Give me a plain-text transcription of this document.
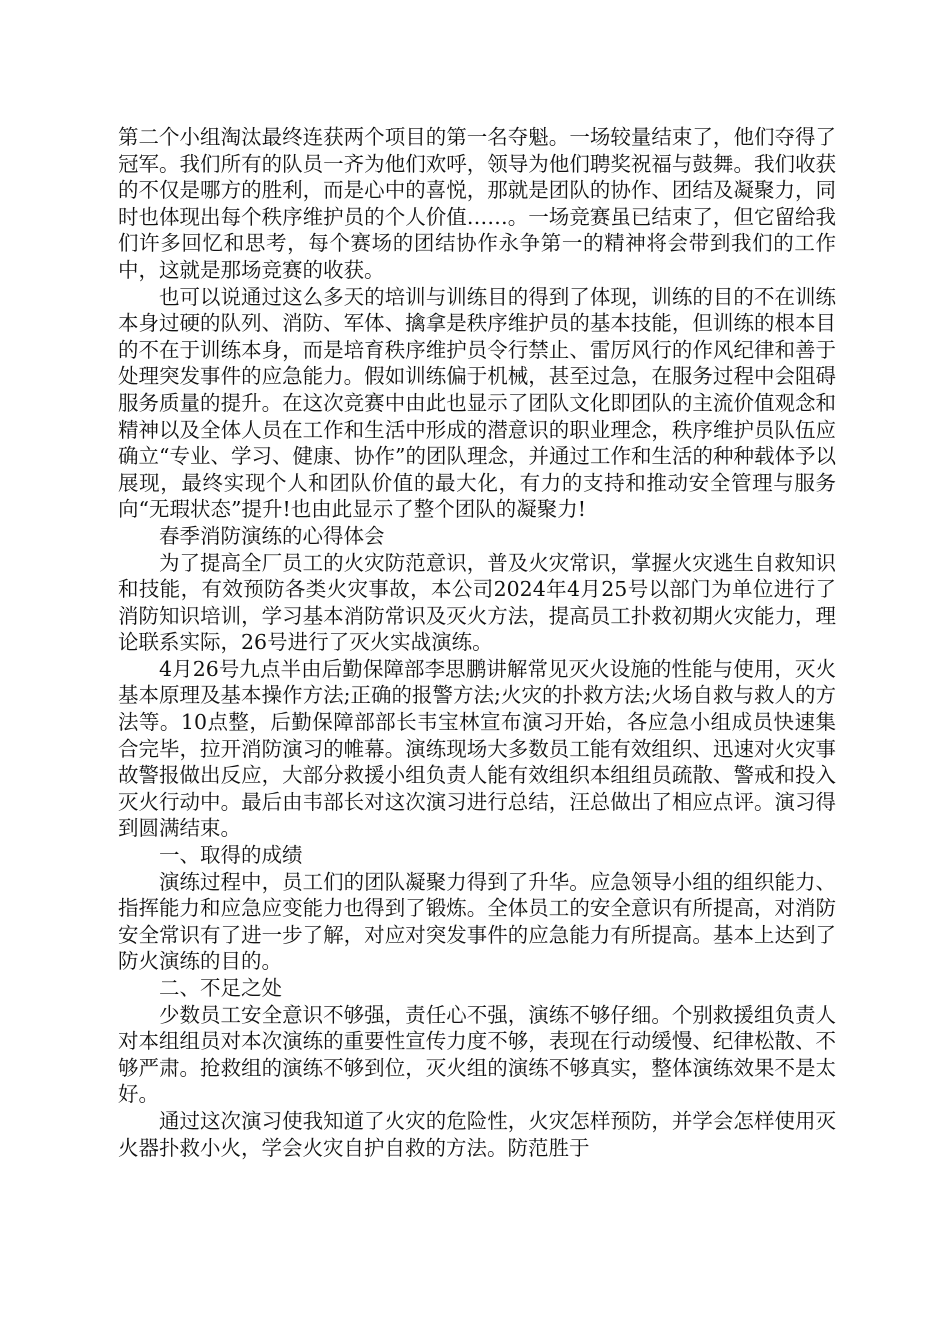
第二个小组淘汰最终连获两个项目的第一名夺魁。一场较量结束了，他们夺得了冠军。我们所有的队员一齐为他们欢呼，领导为他们聘奖祝福与鼓舞。我们收获的不仅是哪方的胜利，而是心中的喜悦，那就是团队的协作、团结及凝聚力，同时也体现出每个秩序维护员的个人价值……。一场竞赛虽已结束了，但它留给我们许多回忆和思考，每个赛场的团结协作永争第一的精神将会带到我们的工作中，这就是那场竞赛的收获。

也可以说通过这么多天的培训与训练目的得到了体现，训练的目的不在训练本身过硬的队列、消防、军体、擒拿是秩序维护员的基本技能，但训练的根本目的不在于训练本身，而是培育秩序维护员令行禁止、雷厉风行的作风纪律和善于处理突发事件的应急能力。假如训练偏于机械，甚至过急，在服务过程中会阻碍服务质量的提升。在这次竞赛中由此也显示了团队文化即团队的主流价值观念和精神以及全体人员在工作和生活中形成的潜意识的职业理念，秩序维护员队伍应确立“专业、学习、健康、协作”的团队理念，并通过工作和生活的种种载体予以展现，最终实现个人和团队价值的最大化，有力的支持和推动安全管理与服务向“无瑕状态”提升!也由此显示了整个团队的凝聚力!

春季消防演练的心得体会

为了提高全厂员工的火灾防范意识，普及火灾常识，掌握火灾逃生自救知识和技能，有效预防各类火灾事故，本公司2024年4月25号以部门为单位进行了消防知识培训，学习基本消防常识及灭火方法，提高员工扑救初期火灾能力，理论联系实际，26号进行了灭火实战演练。

4月26号九点半由后勤保障部李思鹏讲解常见灭火设施的性能与使用，灭火基本原理及基本操作方法;正确的报警方法;火灾的扑救方法;火场自救与救人的方法等。10点整，后勤保障部部长韦宝林宣布演习开始，各应急小组成员快速集合完毕，拉开消防演习的帷幕。演练现场大多数员工能有效组织、迅速对火灾事故警报做出反应，大部分救援小组负责人能有效组织本组组员疏散、警戒和投入灭火行动中。最后由韦部长对这次演习进行总结，汪总做出了相应点评。演习得到圆满结束。

一、取得的成绩

演练过程中，员工们的团队凝聚力得到了升华。应急领导小组的组织能力、指挥能力和应急应变能力也得到了锻炼。全体员工的安全意识有所提高，对消防安全常识有了进一步了解，对应对突发事件的应急能力有所提高。基本上达到了防火演练的目的。

二、不足之处

少数员工安全意识不够强，责任心不强，演练不够仔细。个别救援组负责人对本组组员对本次演练的重要性宣传力度不够，表现在行动缓慢、纪律松散、不够严肃。抢救组的演练不够到位，灭火组的演练不够真实，整体演练效果不是太好。

通过这次演习使我知道了火灾的危险性，火灾怎样预防，并学会怎样使用灭火器扑救小火，学会火灾自护自救的方法。防范胜于
